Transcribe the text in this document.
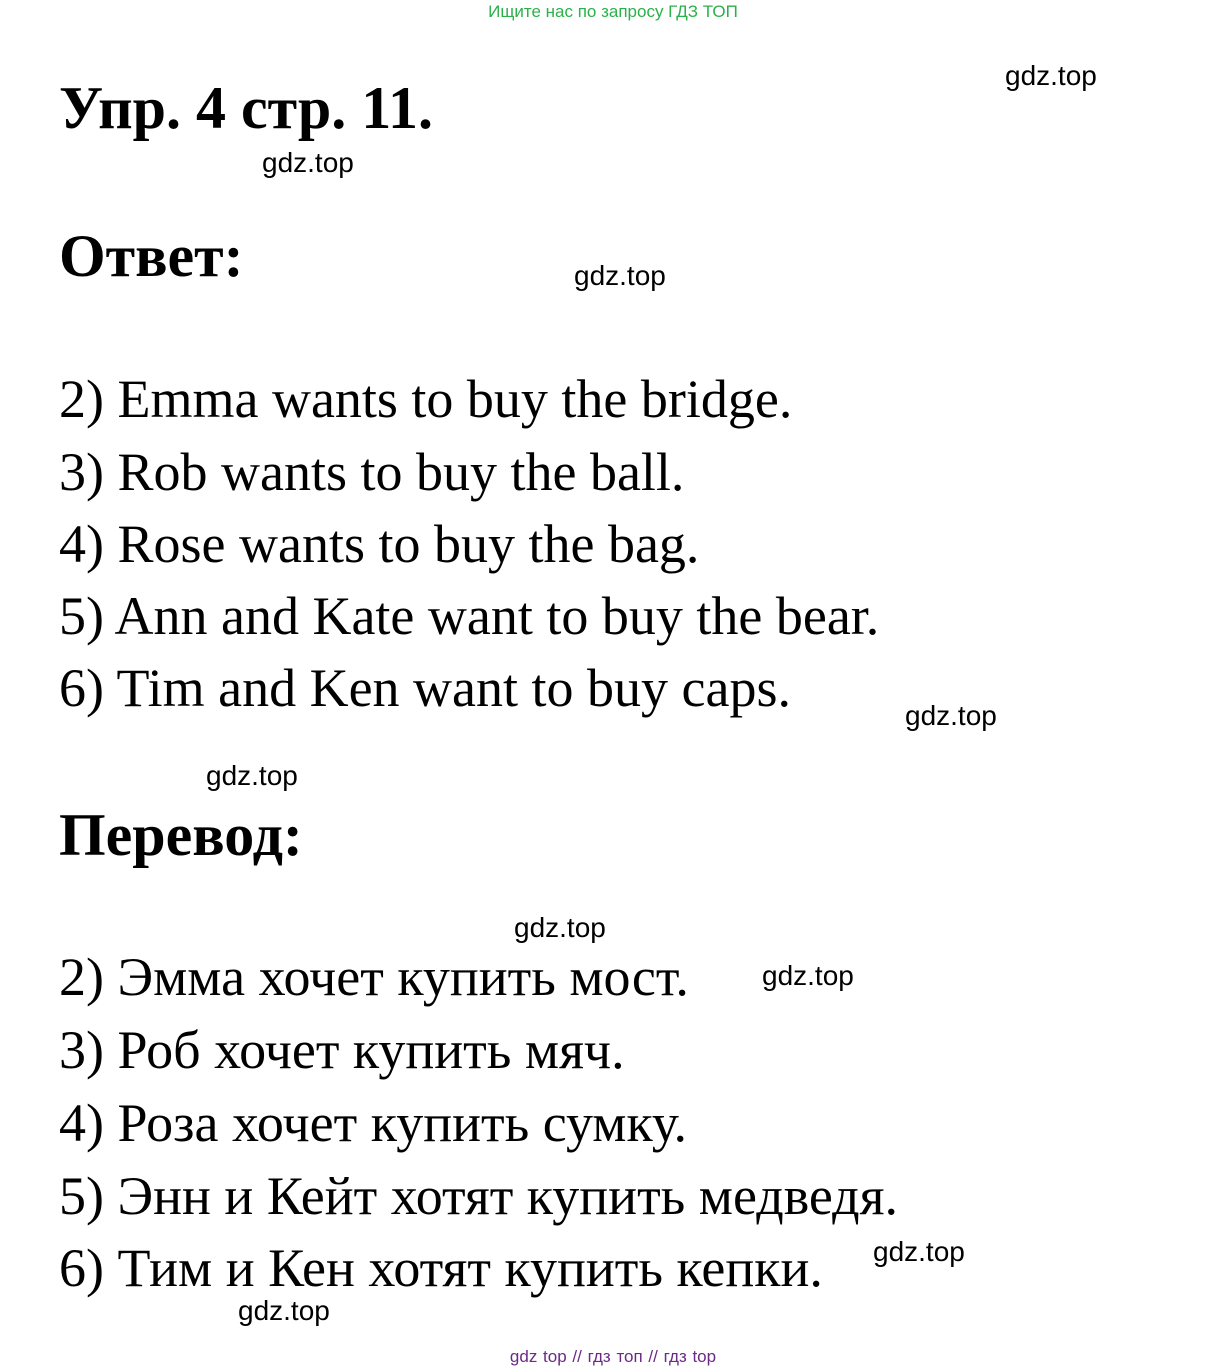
Ищите нас по запросу ГДЗ ТОП
Упр. 4 стр. 11.
Ответ:
2) Emma wants to buy the bridge.
3) Rob wants to buy the ball.
4) Rose wants to buy the bag.
5) Ann and Kate want to buy the bear.
6) Tim and Ken want to buy caps.
Перевод:
2) Эмма хочет купить мост.
3) Роб хочет купить мяч.
4) Роза хочет купить сумку.
5) Энн и Кейт хотят купить медведя.
6) Тим и Кен хотят купить кепки.
gdz.top
gdz.top
gdz.top
gdz.top
gdz.top
gdz.top
gdz.top
gdz.top
gdz.top
gdz top // гдз топ // гдз top
